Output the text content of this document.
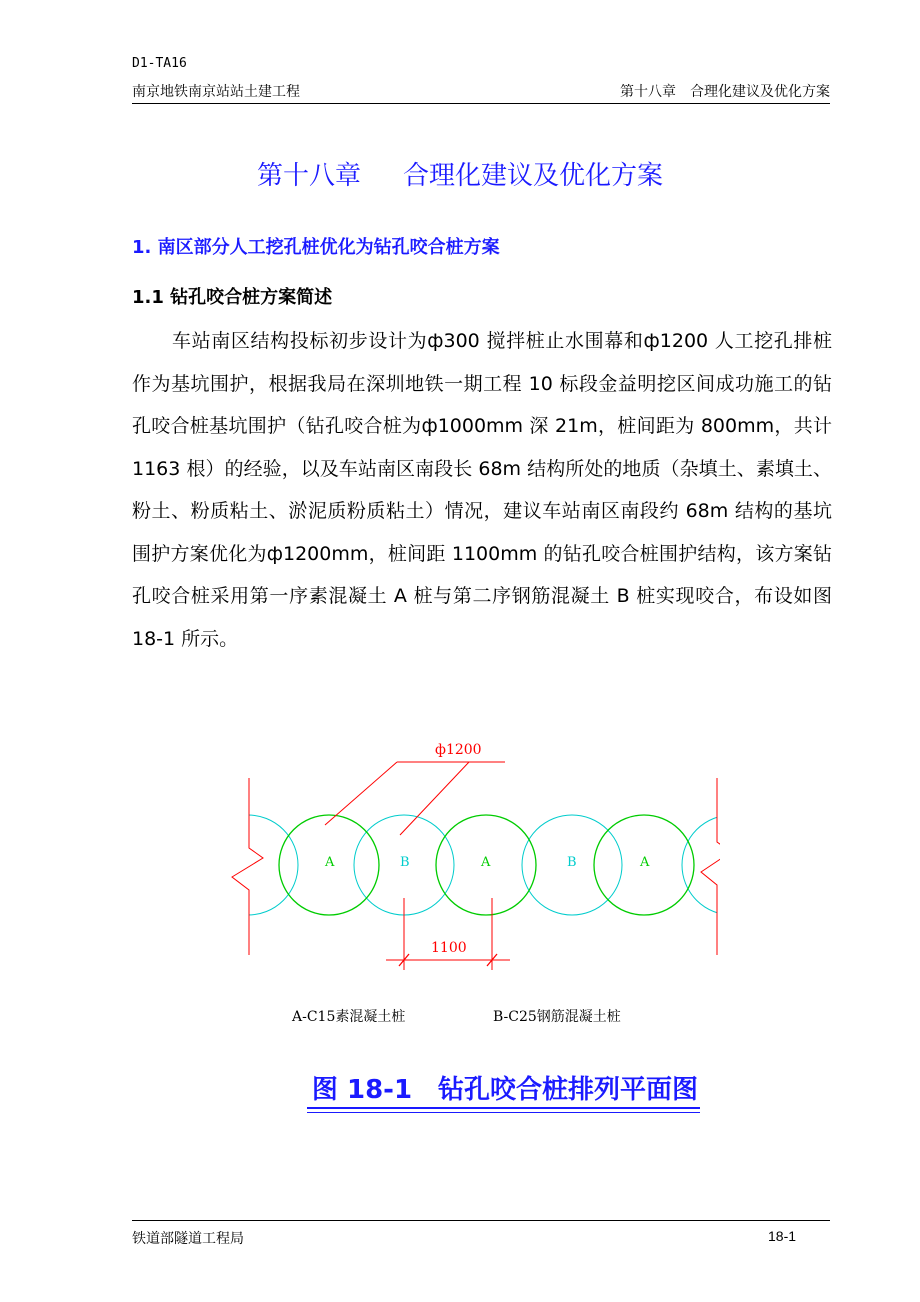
D1-TA16
南京地铁南京站站土建工程	第十八章　合理化建议及优化方案
第十八章 合理化建议及优化方案
1. 南区部分人工挖孔桩优化为钻孔咬合桩方案
1.1 钻孔咬合桩方案简述
车站南区结构投标初步设计为ф300 搅拌桩止水围幕和ф1200 人工挖孔排桩作为基坑围护，根据我局在深圳地铁一期工程 10 标段金益明挖区间成功施工的钻孔咬合桩基坑围护（钻孔咬合桩为ф1000mm 深 21m，桩间距为 800mm，共计 1163 根）的经验，以及车站南区南段长 68m 结构所处的地质（杂填土、素填土、粉土、粉质粘土、淤泥质粉质粘土）情况，建议车站南区南段约 68m 结构的基坑围护方案优化为ф1200mm，桩间距 1100mm 的钻孔咬合桩围护结构，该方案钻孔咬合桩采用第一序素混凝土 A 桩与第二序钢筋混凝土 B 桩实现咬合，布设如图 18-1 所示。
ф1200
A	B	A	B	A
1100
A-C15素混凝土桩	B-C25钢筋混凝土桩
图 18-1 钻孔咬合桩排列平面图
铁道部隧道工程局	18-1
